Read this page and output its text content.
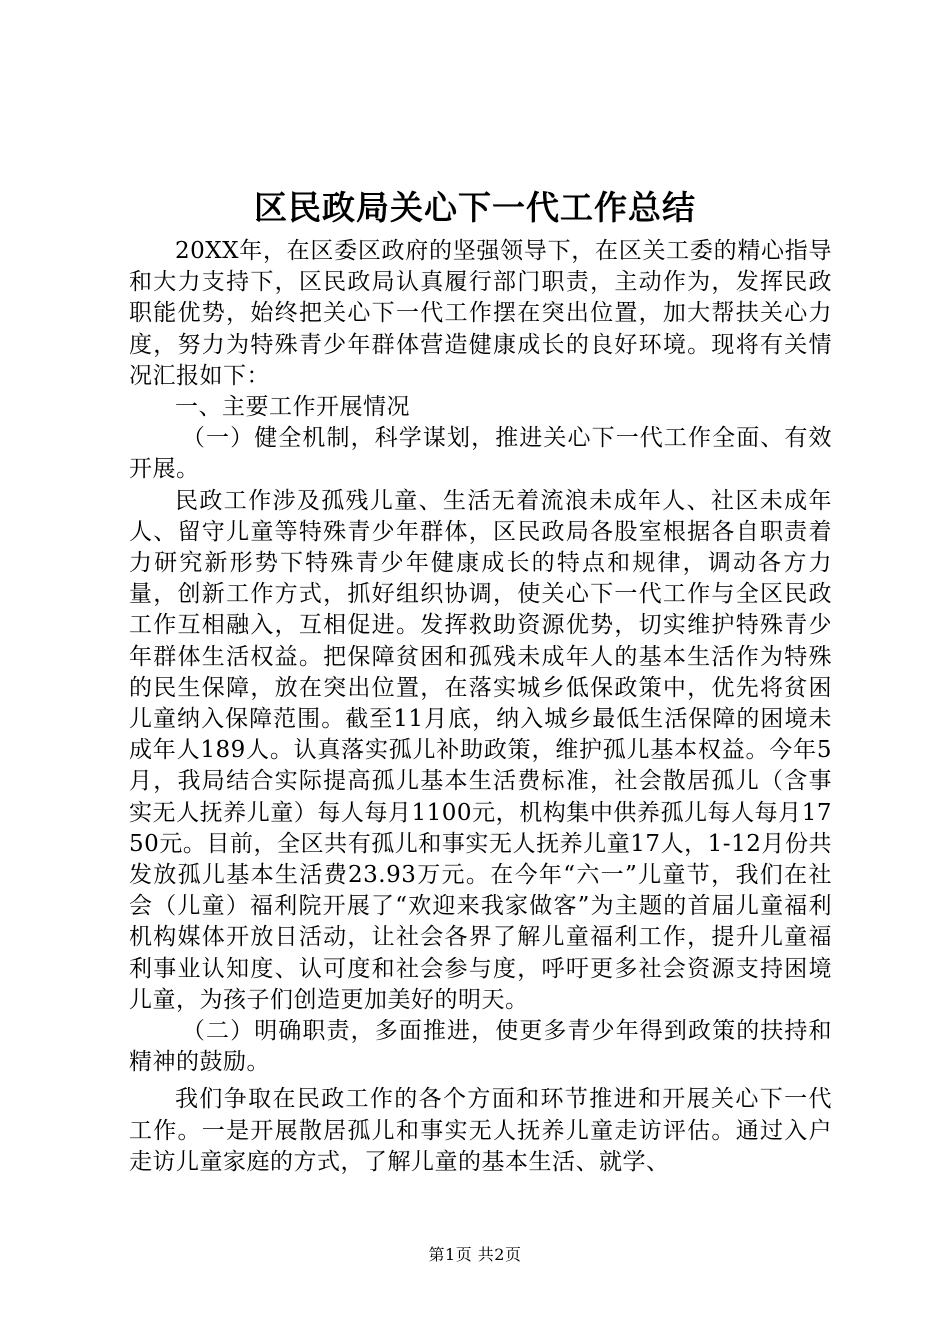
区民政局关心下一代工作总结

20XX年，在区委区政府的坚强领导下，在区关工委的精心指导和大力支持下，区民政局认真履行部门职责，主动作为，发挥民政职能优势，始终把关心下一代工作摆在突出位置，加大帮扶关心力度，努力为特殊青少年群体营造健康成长的良好环境。现将有关情况汇报如下：

一、主要工作开展情况

（一）健全机制，科学谋划，推进关心下一代工作全面、有效开展。

民政工作涉及孤残儿童、生活无着流浪未成年人、社区未成年人、留守儿童等特殊青少年群体，区民政局各股室根据各自职责着力研究新形势下特殊青少年健康成长的特点和规律，调动各方力量，创新工作方式，抓好组织协调，使关心下一代工作与全区民政工作互相融入，互相促进。发挥救助资源优势，切实维护特殊青少年群体生活权益。把保障贫困和孤残未成年人的基本生活作为特殊的民生保障，放在突出位置，在落实城乡低保政策中，优先将贫困儿童纳入保障范围。截至11月底，纳入城乡最低生活保障的困境未成年人189人。认真落实孤儿补助政策，维护孤儿基本权益。今年5月，我局结合实际提高孤儿基本生活费标准，社会散居孤儿（含事实无人抚养儿童）每人每月1100元，机构集中供养孤儿每人每月1750元。目前，全区共有孤儿和事实无人抚养儿童17人，1-12月份共发放孤儿基本生活费23.93万元。在今年“六一”儿童节，我们在社会（儿童）福利院开展了“欢迎来我家做客”为主题的首届儿童福利机构媒体开放日活动，让社会各界了解儿童福利工作，提升儿童福利事业认知度、认可度和社会参与度，呼吁更多社会资源支持困境儿童，为孩子们创造更加美好的明天。

（二）明确职责，多面推进，使更多青少年得到政策的扶持和精神的鼓励。

我们争取在民政工作的各个方面和环节推进和开展关心下一代工作。一是开展散居孤儿和事实无人抚养儿童走访评估。通过入户走访儿童家庭的方式，了解儿童的基本生活、就学、

第1页 共2页
